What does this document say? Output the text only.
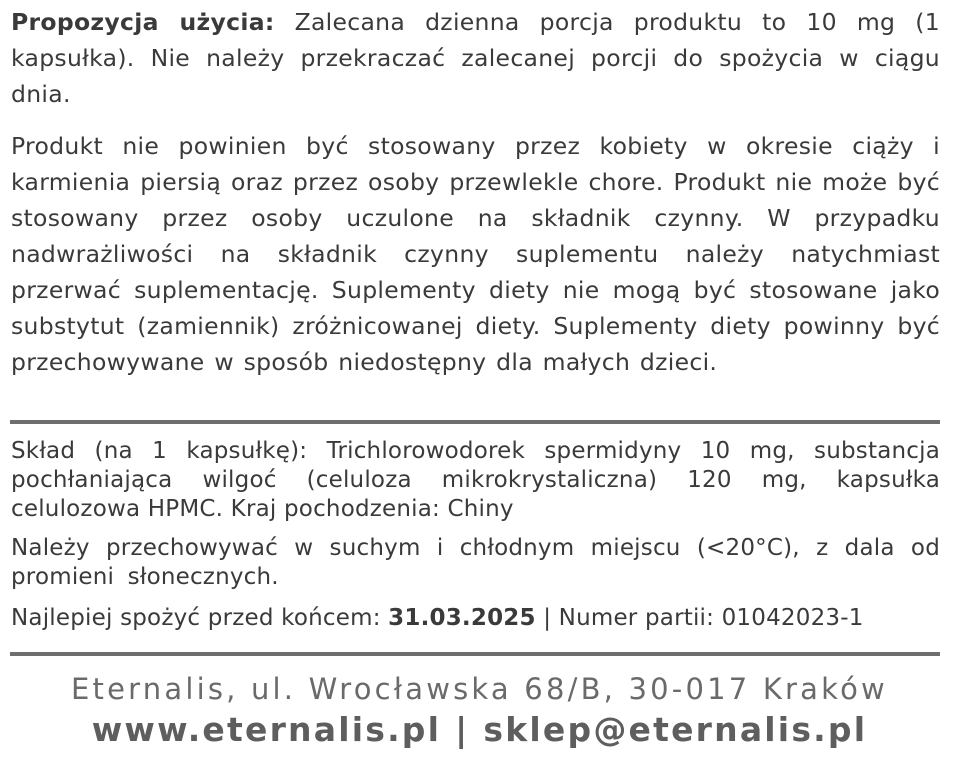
Propozycja użycia: Zalecana dzienna porcja produktu to 10 mg (1 kapsułka). Nie należy przekraczać zalecanej porcji do spożycia w ciągu dnia.

Produkt nie powinien być stosowany przez kobiety w okresie ciąży i karmienia piersią oraz przez osoby przewlekle chore. Produkt nie może być stosowany przez osoby uczulone na składnik czynny. W przypadku nadwrażliwości na składnik czynny suplementu należy natychmiast przerwać suplementację. Suplementy diety nie mogą być stosowane jako substytut (zamiennik) zróżnicowanej diety. Suplementy diety powinny być przechowywane w sposób niedostępny dla małych dzieci.

Skład (na 1 kapsułkę): Trichlorowodorek spermidyny 10 mg, substancja pochłaniająca wilgoć (celuloza mikrokrystaliczna) 120 mg, kapsułka celulozowa HPMC. Kraj pochodzenia: Chiny

Należy przechowywać w suchym i chłodnym miejscu (<20°C), z dala od promieni słonecznych.

Najlepiej spożyć przed końcem: 31.03.2025 | Numer partii: 01042023-1

Eternalis, ul. Wrocławska 68/B, 30-017 Kraków
www.eternalis.pl | sklep@eternalis.pl
